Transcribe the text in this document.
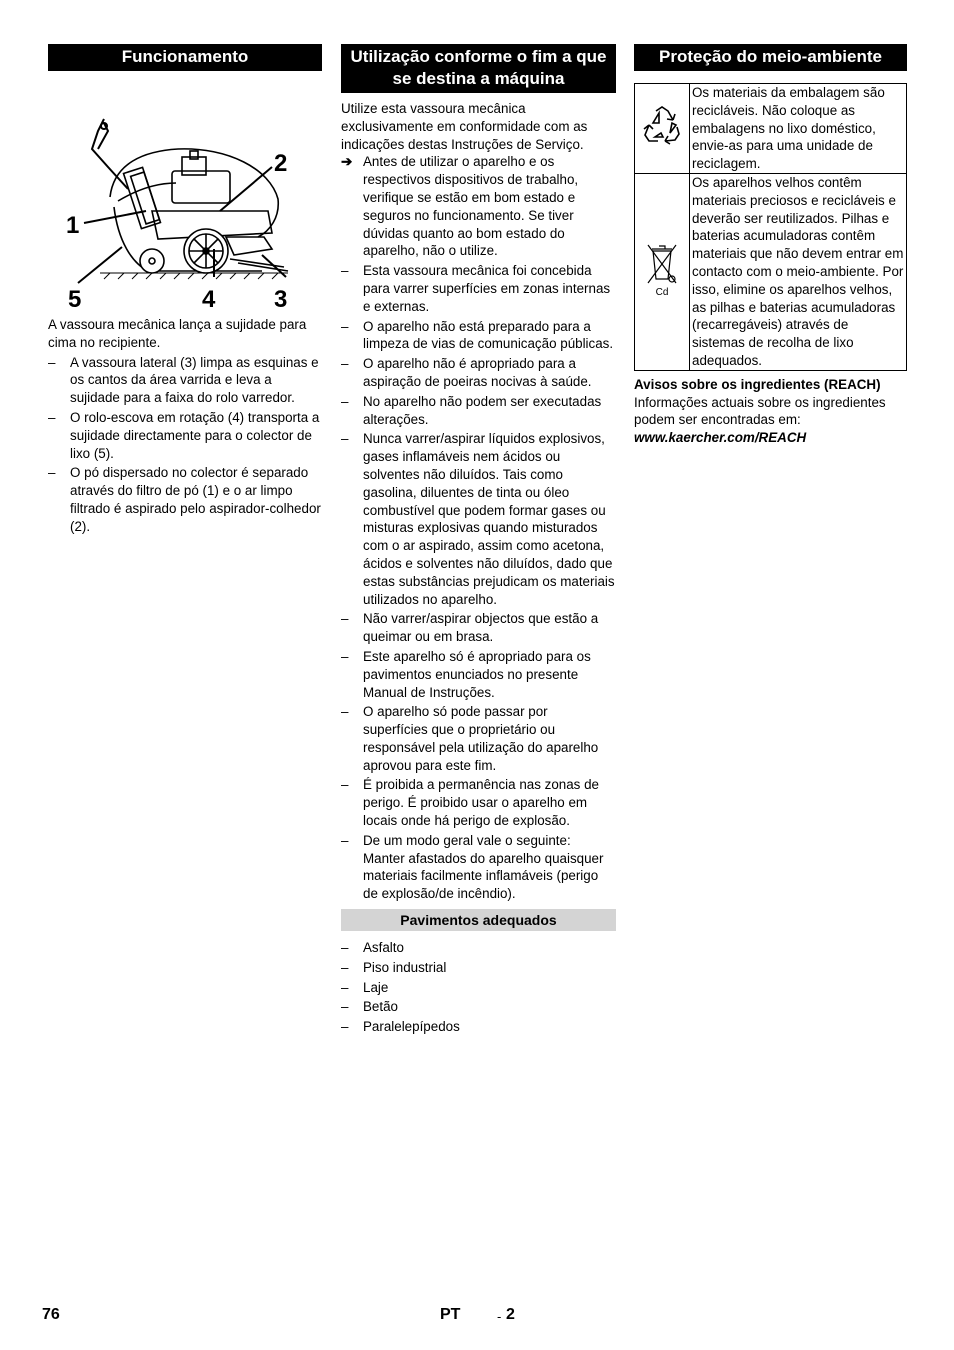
Funcionamento
1
2
3
4
5

A vassoura mecânica lança a sujidade para cima no recipiente.

– A vassoura lateral (3) limpa as esquinas e os cantos da área varrida e leva a sujidade para a faixa do rolo varredor.
– O rolo-escova em rotação (4) transporta a sujidade directamente para o colector de lixo (5).
– O pó dispersado no colector é separado através do filtro de pó (1) e o ar limpo filtrado é aspirado pelo aspirador-colhedor (2).
Utilização conforme o fim a que se destina a máquina

Utilize esta vassoura mecânica exclusivamente em conformidade com as indicações destas Instruções de Serviço.

➔ Antes de utilizar o aparelho e os respectivos dispositivos de trabalho, verifique se estão em bom estado e seguros no funcionamento. Se tiver dúvidas quanto ao bom estado do aparelho, não o utilize.
– Esta vassoura mecânica foi concebida para varrer superfícies em zonas internas e externas.
– O aparelho não está preparado para a limpeza de vias de comunicação públicas.
– O aparelho não é apropriado para a aspiração de poeiras nocivas à saúde.
– No aparelho não podem ser executadas alterações.
– Nunca varrer/aspirar líquidos explosivos, gases inflamáveis nem ácidos ou solventes não diluídos. Tais como gasolina, diluentes de tinta ou óleo combustível que podem formar gases ou misturas explosivas quando misturados com o ar aspirado, assim como acetona, ácidos e solventes não diluídos, dado que estas substâncias prejudicam os materiais utilizados no aparelho.
– Não varrer/aspirar objectos que estão a queimar ou em brasa.
– Este aparelho só é apropriado para os pavimentos enunciados no presente Manual de Instruções.
– O aparelho só pode passar por superfícies que o proprietário ou responsável pela utilização do aparelho aprovou para este fim.
– É proibida a permanência nas zonas de perigo. É proibido usar o aparelho em locais onde há perigo de explosão.
– De um modo geral vale o seguinte: Manter afastados do aparelho quaisquer materiais facilmente inflamáveis (perigo de explosão/de incêndio).
Pavimentos adequados
– Asfalto
– Piso industrial
– Laje
– Betão
– Paralelepípedos
Proteção do meio-ambiente
	Os materiais da embalagem são recicláveis. Não coloque as embalagens no lixo doméstico, envie-as para uma unidade de reciclagem.

Cd	Os aparelhos velhos contêm materiais preciosos e recicláveis e deverão ser reutilizados. Pilhas e baterias acumuladoras contêm materiais que não devem entrar em contacto com o meio-ambiente. Por isso, elimine os aparelhos velhos, as pilhas e baterias acumuladoras (recarregáveis) através de sistemas de recolha de lixo adequados.
Avisos sobre os ingredientes (REACH)

Informações actuais sobre os ingredientes podem ser encontradas em:

www.kaercher.com/REACH

76	PT	- 2
